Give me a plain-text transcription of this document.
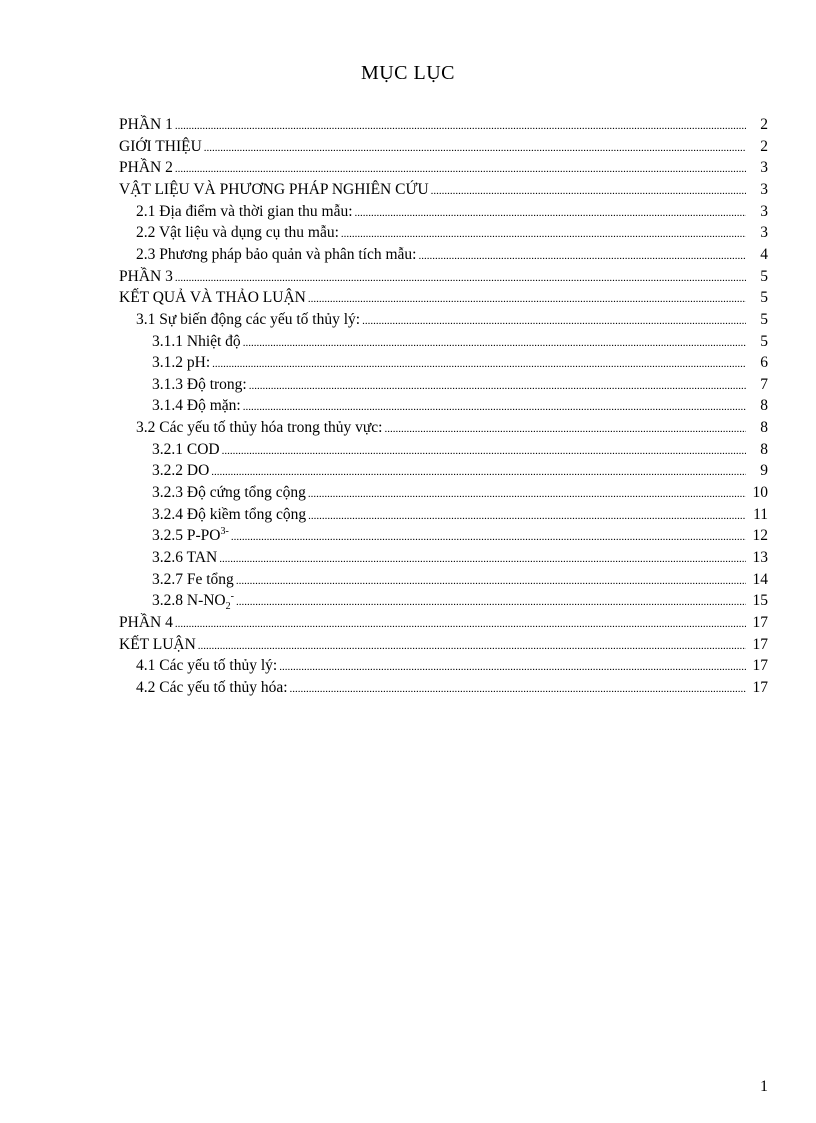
MỤC LỤC
PHẦN 1 .....	2
GIỚI THIỆU .....	2
PHẦN 2 .....	3
VẬT LIỆU VÀ PHƯƠNG PHÁP NGHIÊN CỨU .....	3
2.1 Địa điểm và thời gian thu mẫu: .....	3
2.2 Vật liệu và dụng cụ thu mẫu: .....	3
2.3 Phương pháp bảo quản và phân tích mẫu: .....	4
PHẦN 3 .....	5
KẾT QUẢ VÀ THẢO LUẬN .....	5
3.1 Sự biến động các yếu tố thủy lý: .....	5
3.1.1 Nhiệt độ .....	5
3.1.2 pH: .....	6
3.1.3 Độ trong: .....	7
3.1.4 Độ mặn: .....	8
3.2 Các yếu tố thủy hóa trong thủy vực: .....	8
3.2.1 COD .....	8
3.2.2 DO .....	9
3.2.3 Độ cứng tổng cộng .....	10
3.2.4 Độ kiềm tổng cộng .....	11
3.2.5 $P-PO^{3-}$ .....	12
3.2.6 TAN .....	13
3.2.7 Fe tổng .....	14
3.2.8 $N-NO_2^-$ .....	15
PHẦN 4 .....	17
KẾT LUẬN .....	17
4.1 Các yếu tố thủy lý: .....	17
4.2 Các yếu tố thủy hóa: .....	17
1
